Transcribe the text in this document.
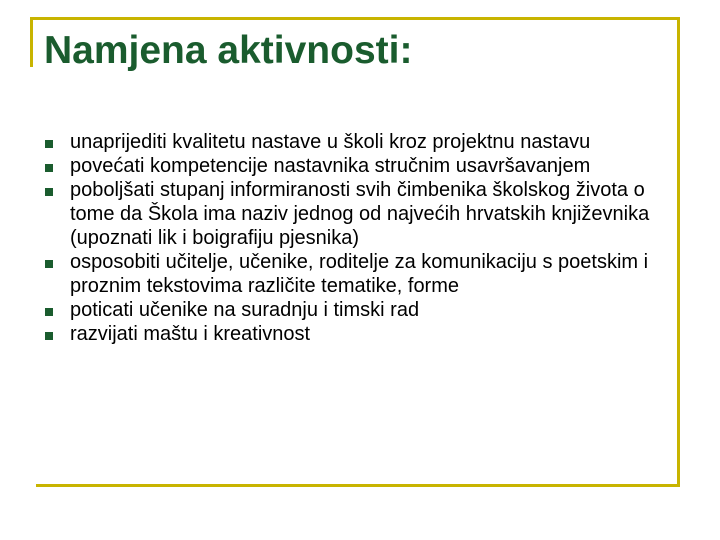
Namjena aktivnosti:
unaprijediti kvalitetu nastave u školi kroz projektnu nastavu
povećati kompetencije nastavnika stručnim usavršavanjem
poboljšati stupanj informiranosti svih čimbenika školskog života o tome da Škola ima naziv jednog od najvećih hrvatskih književnika (upoznati lik i boigrafiju pjesnika)
osposobiti učitelje, učenike, roditelje za komunikaciju s poetskim i proznim tekstovima različite tematike, forme
poticati učenike na suradnju i timski rad
razvijati maštu i kreativnost
